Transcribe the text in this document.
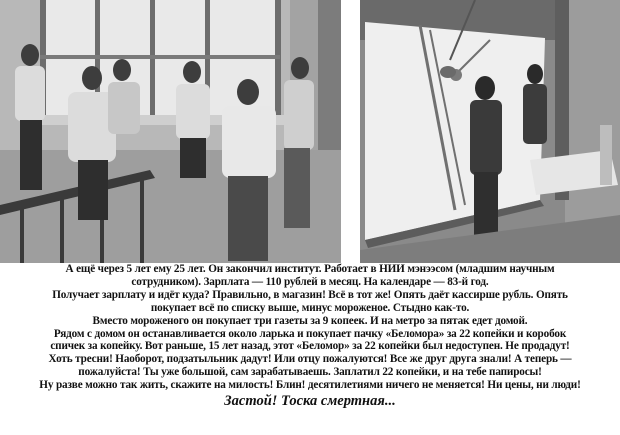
А ещё через 5 лет ему 25 лет. Он закончил институт. Работает в НИИ мэнээсом (младшим научным

сотрудником). Зарплата — 110 рублей в месяц. На календаре — 83-й год.

Получает зарплату и идёт куда? Правильно, в магазин! Всё в тот же! Опять даёт кассирше рубль. Опять

покупает всё по списку выше, минус мороженое. Стыдно как-то.

Вместо мороженого он покупает три газеты за 9 копеек. И на метро за пятак едет домой.

Рядом с домом он останавливается около ларька и покупает пачку «Беломора» за 22 копейки и коробок

спичек за копейку. Вот раньше, 15 лет назад, этот «Беломор» за 22 копейки был недоступен. Не продадут!

Хоть тресни! Наоборот, подзатыльник дадут! Или отцу пожалуются! Все же друг друга знали! А теперь —

пожалуйста! Ты уже большой, сам зарабатываешь. Заплатил 22 копейки, и на тебе папиросы!

Ну разве можно так жить, скажите на милость! Блин! десятилетиями ничего не меняется! Ни цены, ни люди!

Застой! Тоска смертная...
